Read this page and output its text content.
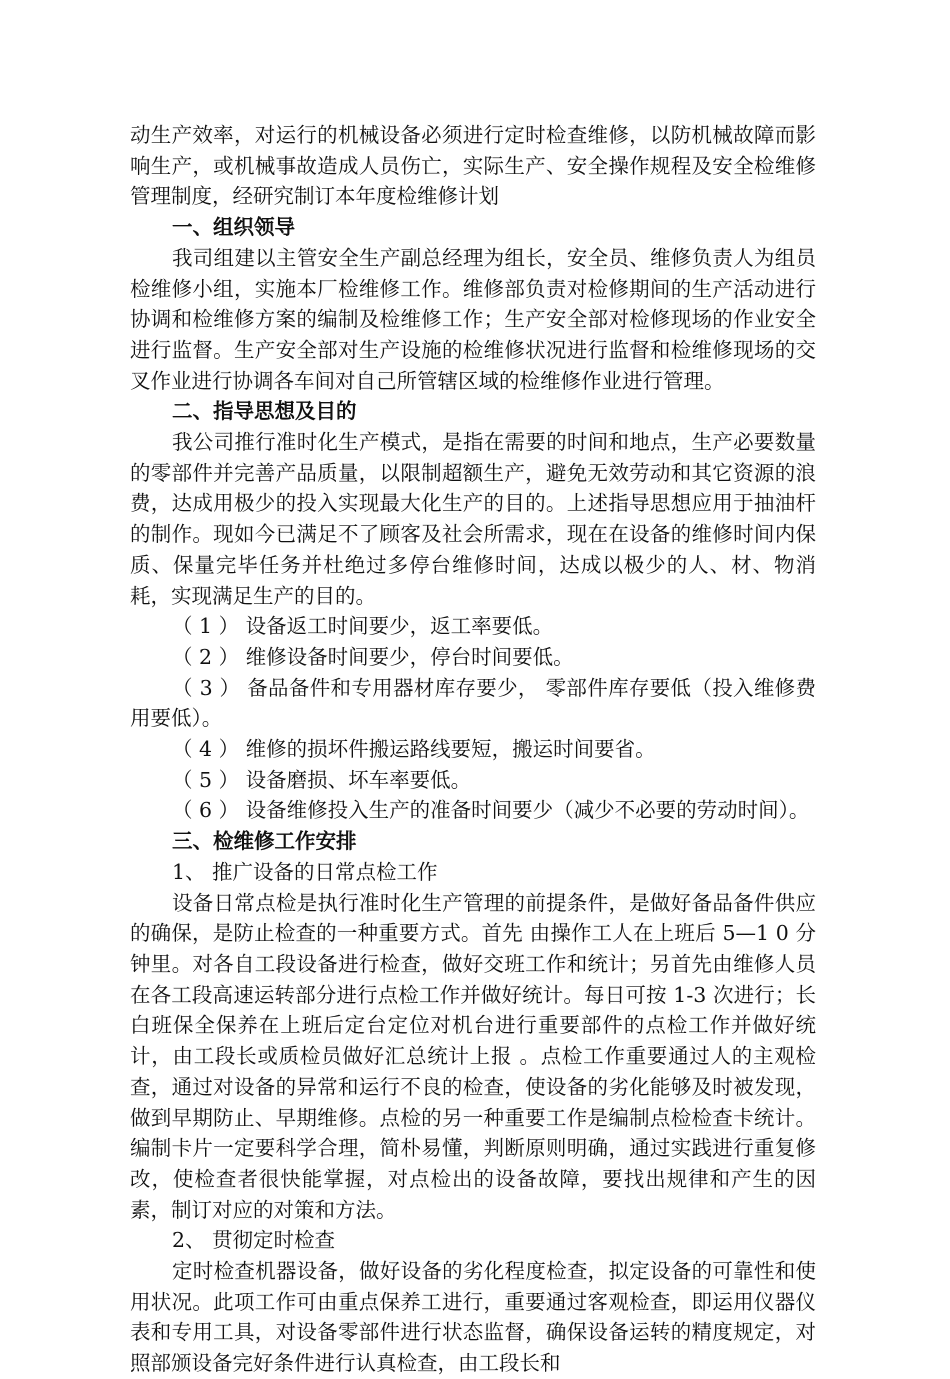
动生产效率，对运行的机械设备必须进行定时检查维修，以防机械故障而影响生产，或机械事故造成人员伤亡，实际生产、安全操作规程及安全检维修管理制度，经研究制订本年度检维修计划

一、组织领导

我司组建以主管安全生产副总经理为组长，安全员、维修负责人为组员检维修小组，实施本厂检维修工作。维修部负责对检修期间的生产活动进行协调和检维修方案的编制及检维修工作；生产安全部对检修现场的作业安全进行监督。生产安全部对生产设施的检维修状况进行监督和检维修现场的交叉作业进行协调各车间对自己所管辖区域的检维修作业进行管理。

二、指导思想及目的

我公司推行准时化生产模式，是指在需要的时间和地点，生产必要数量的零部件并完善产品质量，以限制超额生产，避免无效劳动和其它资源的浪费，达成用极少的投入实现最大化生产的目的。上述指导思想应用于抽油杆的制作。现如今已满足不了顾客及社会所需求，现在在设备的维修时间内保质、保量完毕任务并杜绝过多停台维修时间，达成以极少的人、材、物消耗，实现满足生产的目的。

（ 1 ） 设备返工时间要少，返工率要低。

（ 2 ） 维修设备时间要少，停台时间要低。

（ 3 ） 备品备件和专用器材库存要少， 零部件库存要低（投入维修费用要低）。

（ 4 ） 维修的损坏件搬运路线要短，搬运时间要省。

（ 5 ） 设备磨损、坏车率要低。

（ 6 ） 设备维修投入生产的准备时间要少（减少不必要的劳动时间）。

三、检维修工作安排

1、 推广设备的日常点检工作

设备日常点检是执行准时化生产管理的前提条件，是做好备品备件供应的确保，是防止检查的一种重要方式。首先 由操作工人在上班后 5—1 0 分钟里。对各自工段设备进行检查，做好交班工作和统计；另首先由维修人员在各工段高速运转部分进行点检工作并做好统计。每日可按 1-3 次进行；长白班保全保养在上班后定台定位对机台进行重要部件的点检工作并做好统计，由工段长或质检员做好汇总统计上报 。点检工作重要通过人的主观检查，通过对设备的异常和运行不良的检查，使设备的劣化能够及时被发现，做到早期防止、早期维修。点检的另一种重要工作是编制点检检查卡统计。编制卡片一定要科学合理，简朴易懂，判断原则明确，通过实践进行重复修改，使检查者很快能掌握，对点检出的设备故障，要找出规律和产生的因素，制订对应的对策和方法。

2、 贯彻定时检查

定时检查机器设备，做好设备的劣化程度检查，拟定设备的可靠性和使用状况。此项工作可由重点保养工进行，重要通过客观检查，即运用仪器仪表和专用工具，对设备零部件进行状态监督，确保设备运转的精度规定，对照部颁设备完好条件进行认真检查，由工段长和
